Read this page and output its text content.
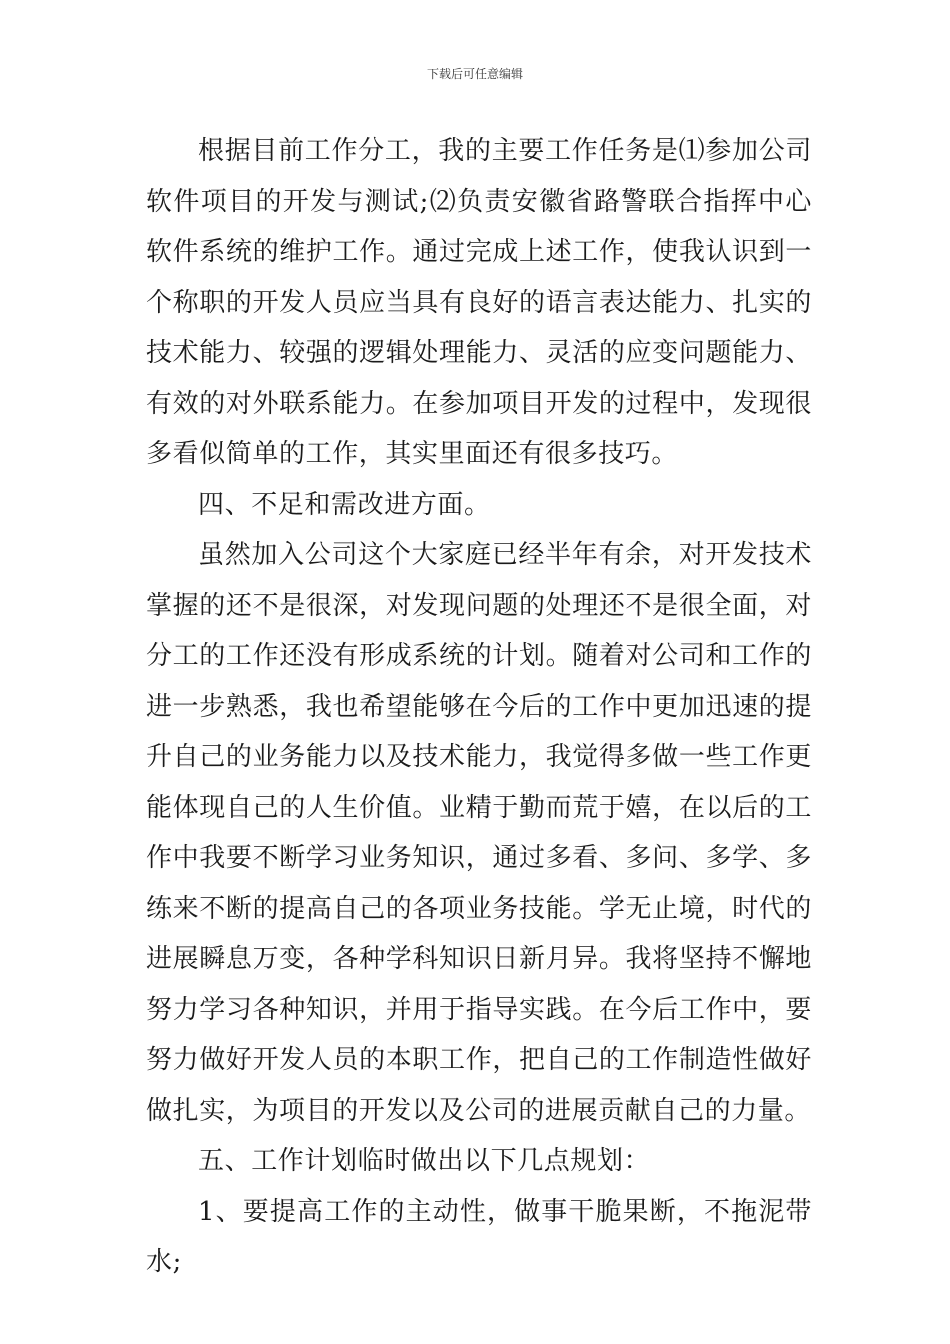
下载后可任意编辑

根据目前工作分工，我的主要工作任务是⑴参加公司软件项目的开发与测试;⑵负责安徽省路警联合指挥中心软件系统的维护工作。通过完成上述工作，使我认识到一个称职的开发人员应当具有良好的语言表达能力、扎实的技术能力、较强的逻辑处理能力、灵活的应变问题能力、有效的对外联系能力。在参加项目开发的过程中，发现很多看似简单的工作，其实里面还有很多技巧。

四、不足和需改进方面。

虽然加入公司这个大家庭已经半年有余，对开发技术掌握的还不是很深，对发现问题的处理还不是很全面，对分工的工作还没有形成系统的计划。随着对公司和工作的进一步熟悉，我也希望能够在今后的工作中更加迅速的提升自己的业务能力以及技术能力，我觉得多做一些工作更能体现自己的人生价值。业精于勤而荒于嬉，在以后的工作中我要不断学习业务知识，通过多看、多问、多学、多练来不断的提高自己的各项业务技能。学无止境，时代的进展瞬息万变，各种学科知识日新月异。我将坚持不懈地努力学习各种知识，并用于指导实践。在今后工作中，要努力做好开发人员的本职工作，把自己的工作制造性做好做扎实，为项目的开发以及公司的进展贡献自己的力量。

五、工作计划临时做出以下几点规划：

1、要提高工作的主动性，做事干脆果断，不拖泥带水;
